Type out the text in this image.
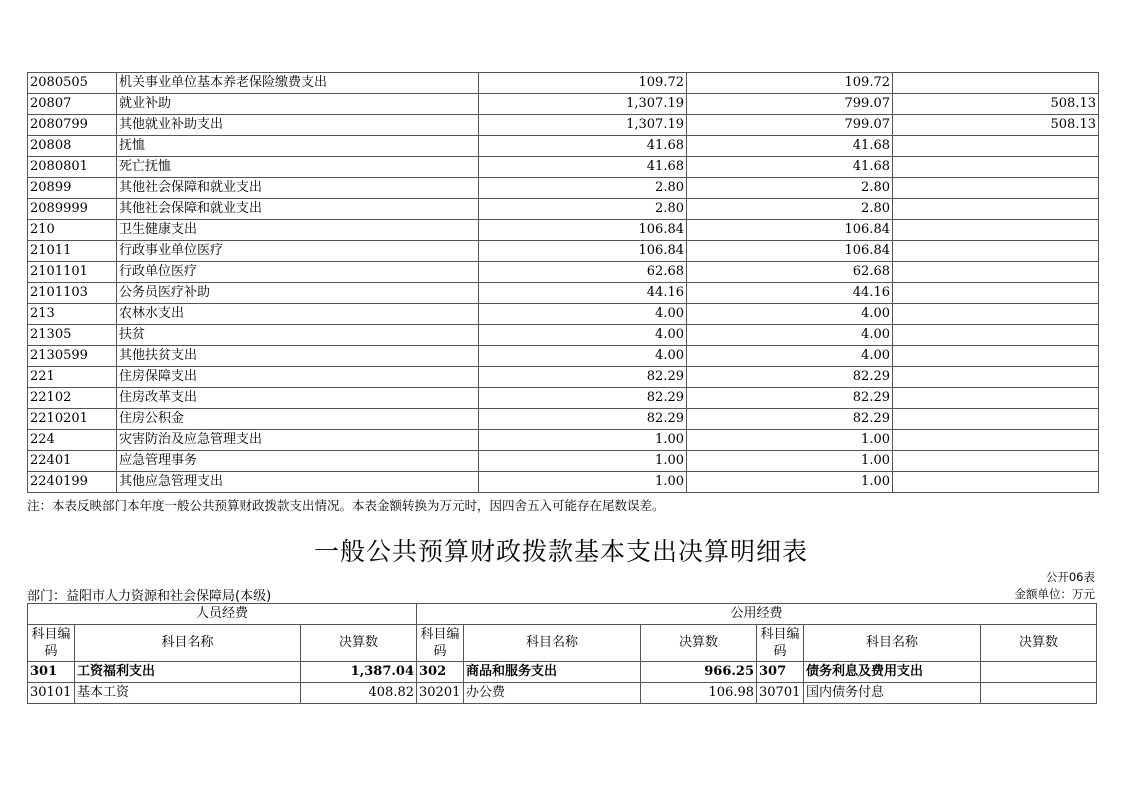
2080505	机关事业单位基本养老保险缴费支出	109.72	109.72	
20807	就业补助	1,307.19	799.07	508.13
2080799	其他就业补助支出	1,307.19	799.07	508.13
20808	抚恤	41.68	41.68	
2080801	死亡抚恤	41.68	41.68	
20899	其他社会保障和就业支出	2.80	2.80	
2089999	其他社会保障和就业支出	2.80	2.80	
210	卫生健康支出	106.84	106.84	
21011	行政事业单位医疗	106.84	106.84	
2101101	行政单位医疗	62.68	62.68	
2101103	公务员医疗补助	44.16	44.16	
213	农林水支出	4.00	4.00	
21305	扶贫	4.00	4.00	
2130599	其他扶贫支出	4.00	4.00	
221	住房保障支出	82.29	82.29	
22102	住房改革支出	82.29	82.29	
2210201	住房公积金	82.29	82.29	
224	灾害防治及应急管理支出	1.00	1.00	
22401	应急管理事务	1.00	1.00	
2240199	其他应急管理支出	1.00	1.00	
注：本表反映部门本年度一般公共预算财政拨款支出情况。本表金额转换为万元时，因四舍五入可能存在尾数误差。
一般公共预算财政拨款基本支出决算明细表
公开06表
部门：益阳市人力资源和社会保障局(本级)	金额单位：万元
人员经费			公用经费					
科目编码	科目名称	决算数	科目编码	科目名称	决算数	科目编码	科目名称	决算数
301	工资福利支出	1,387.04	302	商品和服务支出	966.25	307	债务利息及费用支出	
30101	基本工资	408.82	30201	办公费	106.98	30701	国内债务付息	
